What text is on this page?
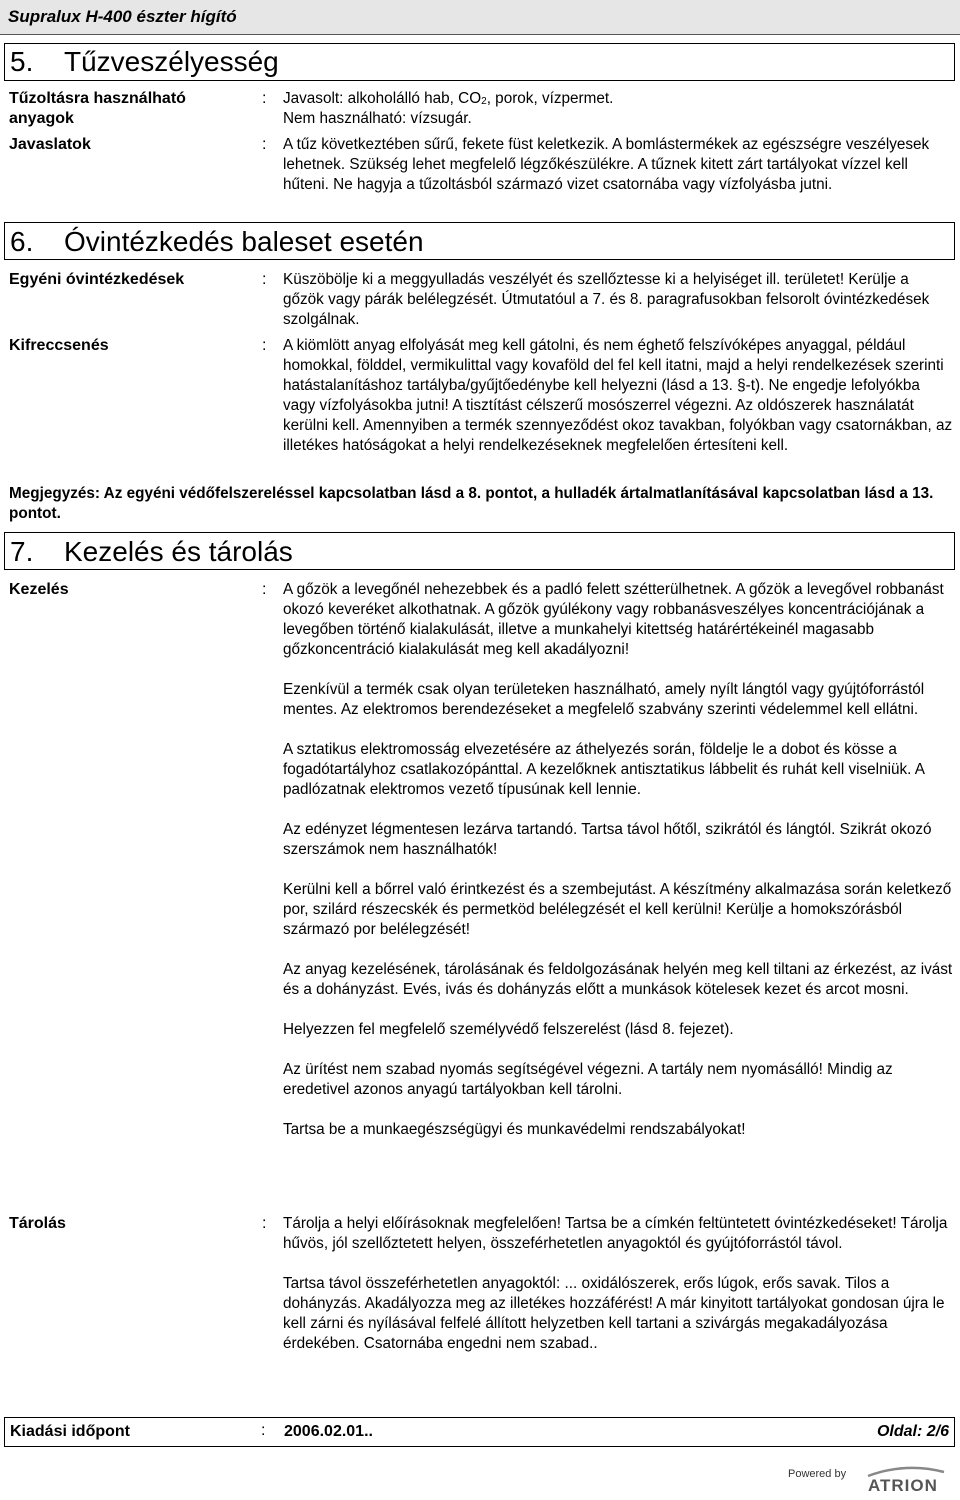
Supralux H-400 észter hígító
5. Tűzveszélyesség
Tűzoltásra használható anyagok
: Javasolt: alkoholálló hab, $CO_2$, porok, vízpermet.
Nem használható: vízsugár.
Javaslatok	: A tűz következtében sűrű, fekete füst keletkezik. A bomlástermékek az egészségre veszélyesek lehetnek. Szükség lehet megfelelő légzőkészülékre. A tűznek kitett zárt tartályokat vízzel kell hűteni. Ne hagyja a tűzoltásból származó vizet csatornába vagy vízfolyásba jutni.
6. Óvintézkedés baleset esetén
Egyéni óvintézkedések	: Küszöbölje ki a meggyulladás veszélyét és szellőztesse ki a helyiséget ill. területet! Kerülje a gőzök vagy párák belélegzését. Útmutatóul a 7. és 8. paragrafusokban felsorolt óvintézkedések szolgálnak.
Kifreccsenés	: A kiömlött anyag elfolyását meg kell gátolni, és nem éghető felszívóképes anyaggal, például homokkal, földdel, vermikulittal vagy kovaföld del fel kell itatni, majd a helyi rendelkezések szerinti hatástalanításhoz tartályba/gyűjtőedénybe kell helyezni (lásd a 13. §-t). Ne engedje lefolyókba vagy vízfolyásokba jutni! A tisztítást célszerű mosószerrel végezni. Az oldószerek használatát kerülni kell. Amennyiben a termék szennyeződést okoz tavakban, folyókban vagy csatornákban, az illetékes hatóságokat a helyi rendelkezéseknek megfelelően értesíteni kell.
Megjegyzés: Az egyéni védőfelszereléssel kapcsolatban lásd a 8. pontot, a hulladék ártalmatlanításával kapcsolatban lásd a 13. pontot.
7. Kezelés és tárolás
Kezelés	: A gőzök a levegőnél nehezebbek és a padló felett szétterülhetnek. A gőzök a levegővel robbanást okozó keveréket alkothatnak. A gőzök gyúlékony vagy robbanásveszélyes koncentrációjának a levegőben történő kialakulását, illetve a munkahelyi kitettség határértékeinél magasabb gőzkoncentráció kialakulását meg kell akadályozni!

Ezenkívül a termék csak olyan területeken használható, amely nyílt lángtól vagy gyújtóforrástól mentes. Az elektromos berendezéseket a megfelelő szabvány szerinti védelemmel kell ellátni.

A sztatikus elektromosság elvezetésére az áthelyezés során, földelje le a dobot és kösse a fogadótartályhoz csatlakozópánttal. A kezelőknek antisztatikus lábbelit és ruhát kell viselniük. A padlózatnak elektromos vezető típusúnak kell lennie.

Az edényzet légmentesen lezárva tartandó. Tartsa távol hőtől, szikrától és lángtól. Szikrát okozó szerszámok nem használhatók!

Kerülni kell a bőrrel való érintkezést és a szembejutást. A készítmény alkalmazása során keletkező por, szilárd részecskék és permetköd belélegzését el kell kerülni! Kerülje a homokszórásból származó por belélegzését!

Az anyag kezelésének, tárolásának és feldolgozásának helyén meg kell tiltani az érkezést, az ivást és a dohányzást. Evés, ivás és dohányzás előtt a munkások kötelesek kezet és arcot mosni.

Helyezzen fel megfelelő személyvédő felszerelést (lásd 8. fejezet).

Az ürítést nem szabad nyomás segítségével végezni. A tartály nem nyomásálló! Mindig az eredetivel azonos anyagú tartályokban kell tárolni.

Tartsa be a munkaegészségügyi és munkavédelmi rendszabályokat!

Tárolás	: Tárolja a helyi előírásoknak megfelelően! Tartsa be a címkén feltüntetett óvintézkedéseket! Tárolja hűvös, jól szellőztetett helyen, összeférhetetlen anyagoktól és gyújtóforrástól távol.

Tartsa távol összeférhetetlen anyagoktól: ... oxidálószerek, erős lúgok, erős savak. Tilos a dohányzás. Akadályozza meg az illetékes hozzáférést! A már kinyitott tartályokat gondosan újra le kell zárni és nyílásával felfelé állított helyzetben kell tartani a szivárgás megakadályozása érdekében. Csatornába engedni nem szabad..

Kiadási időpont	: 2006.02.01..	Oldal: 2/6
Powered by
ATRION
